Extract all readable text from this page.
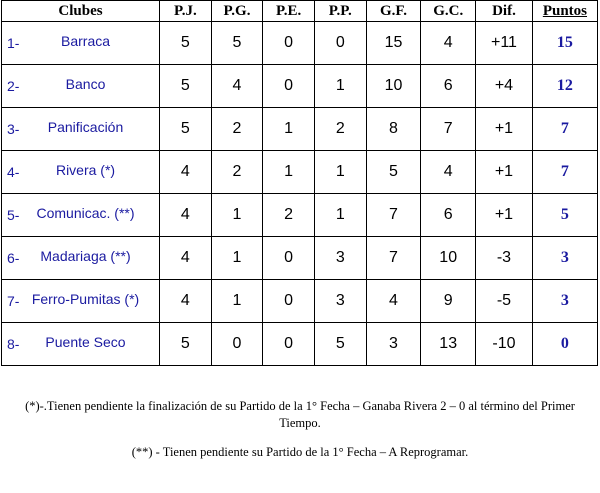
Clubes	P.J.	P.G.	P.E.	P.P.	G.F.	G.C.	Dif.	Puntos

1- Barraca	5	5	0	0	15	4	+11	15

2- Banco	5	4	0	1	10	6	+4	12

3- Panificación	5	2	1	2	8	7	+1	7

4- Rivera (*)	4	2	1	1	5	4	+1	7

5- Comunicac. (**)	4	1	2	1	7	6	+1	5

6- Madariaga (**)	4	1	0	3	7	10	-3	3

7- Ferro-Pumitas (*)	4	1	0	3	4	9	-5	3

8- Puente Seco	5	0	0	5	3	13	-10	0
(*)-.Tienen pendiente la finalización de su Partido de la 1° Fecha – Ganaba Rivera 2 – 0 al término del Primer Tiempo.
(**) - Tienen pendiente su Partido de la 1° Fecha – A Reprogramar.
